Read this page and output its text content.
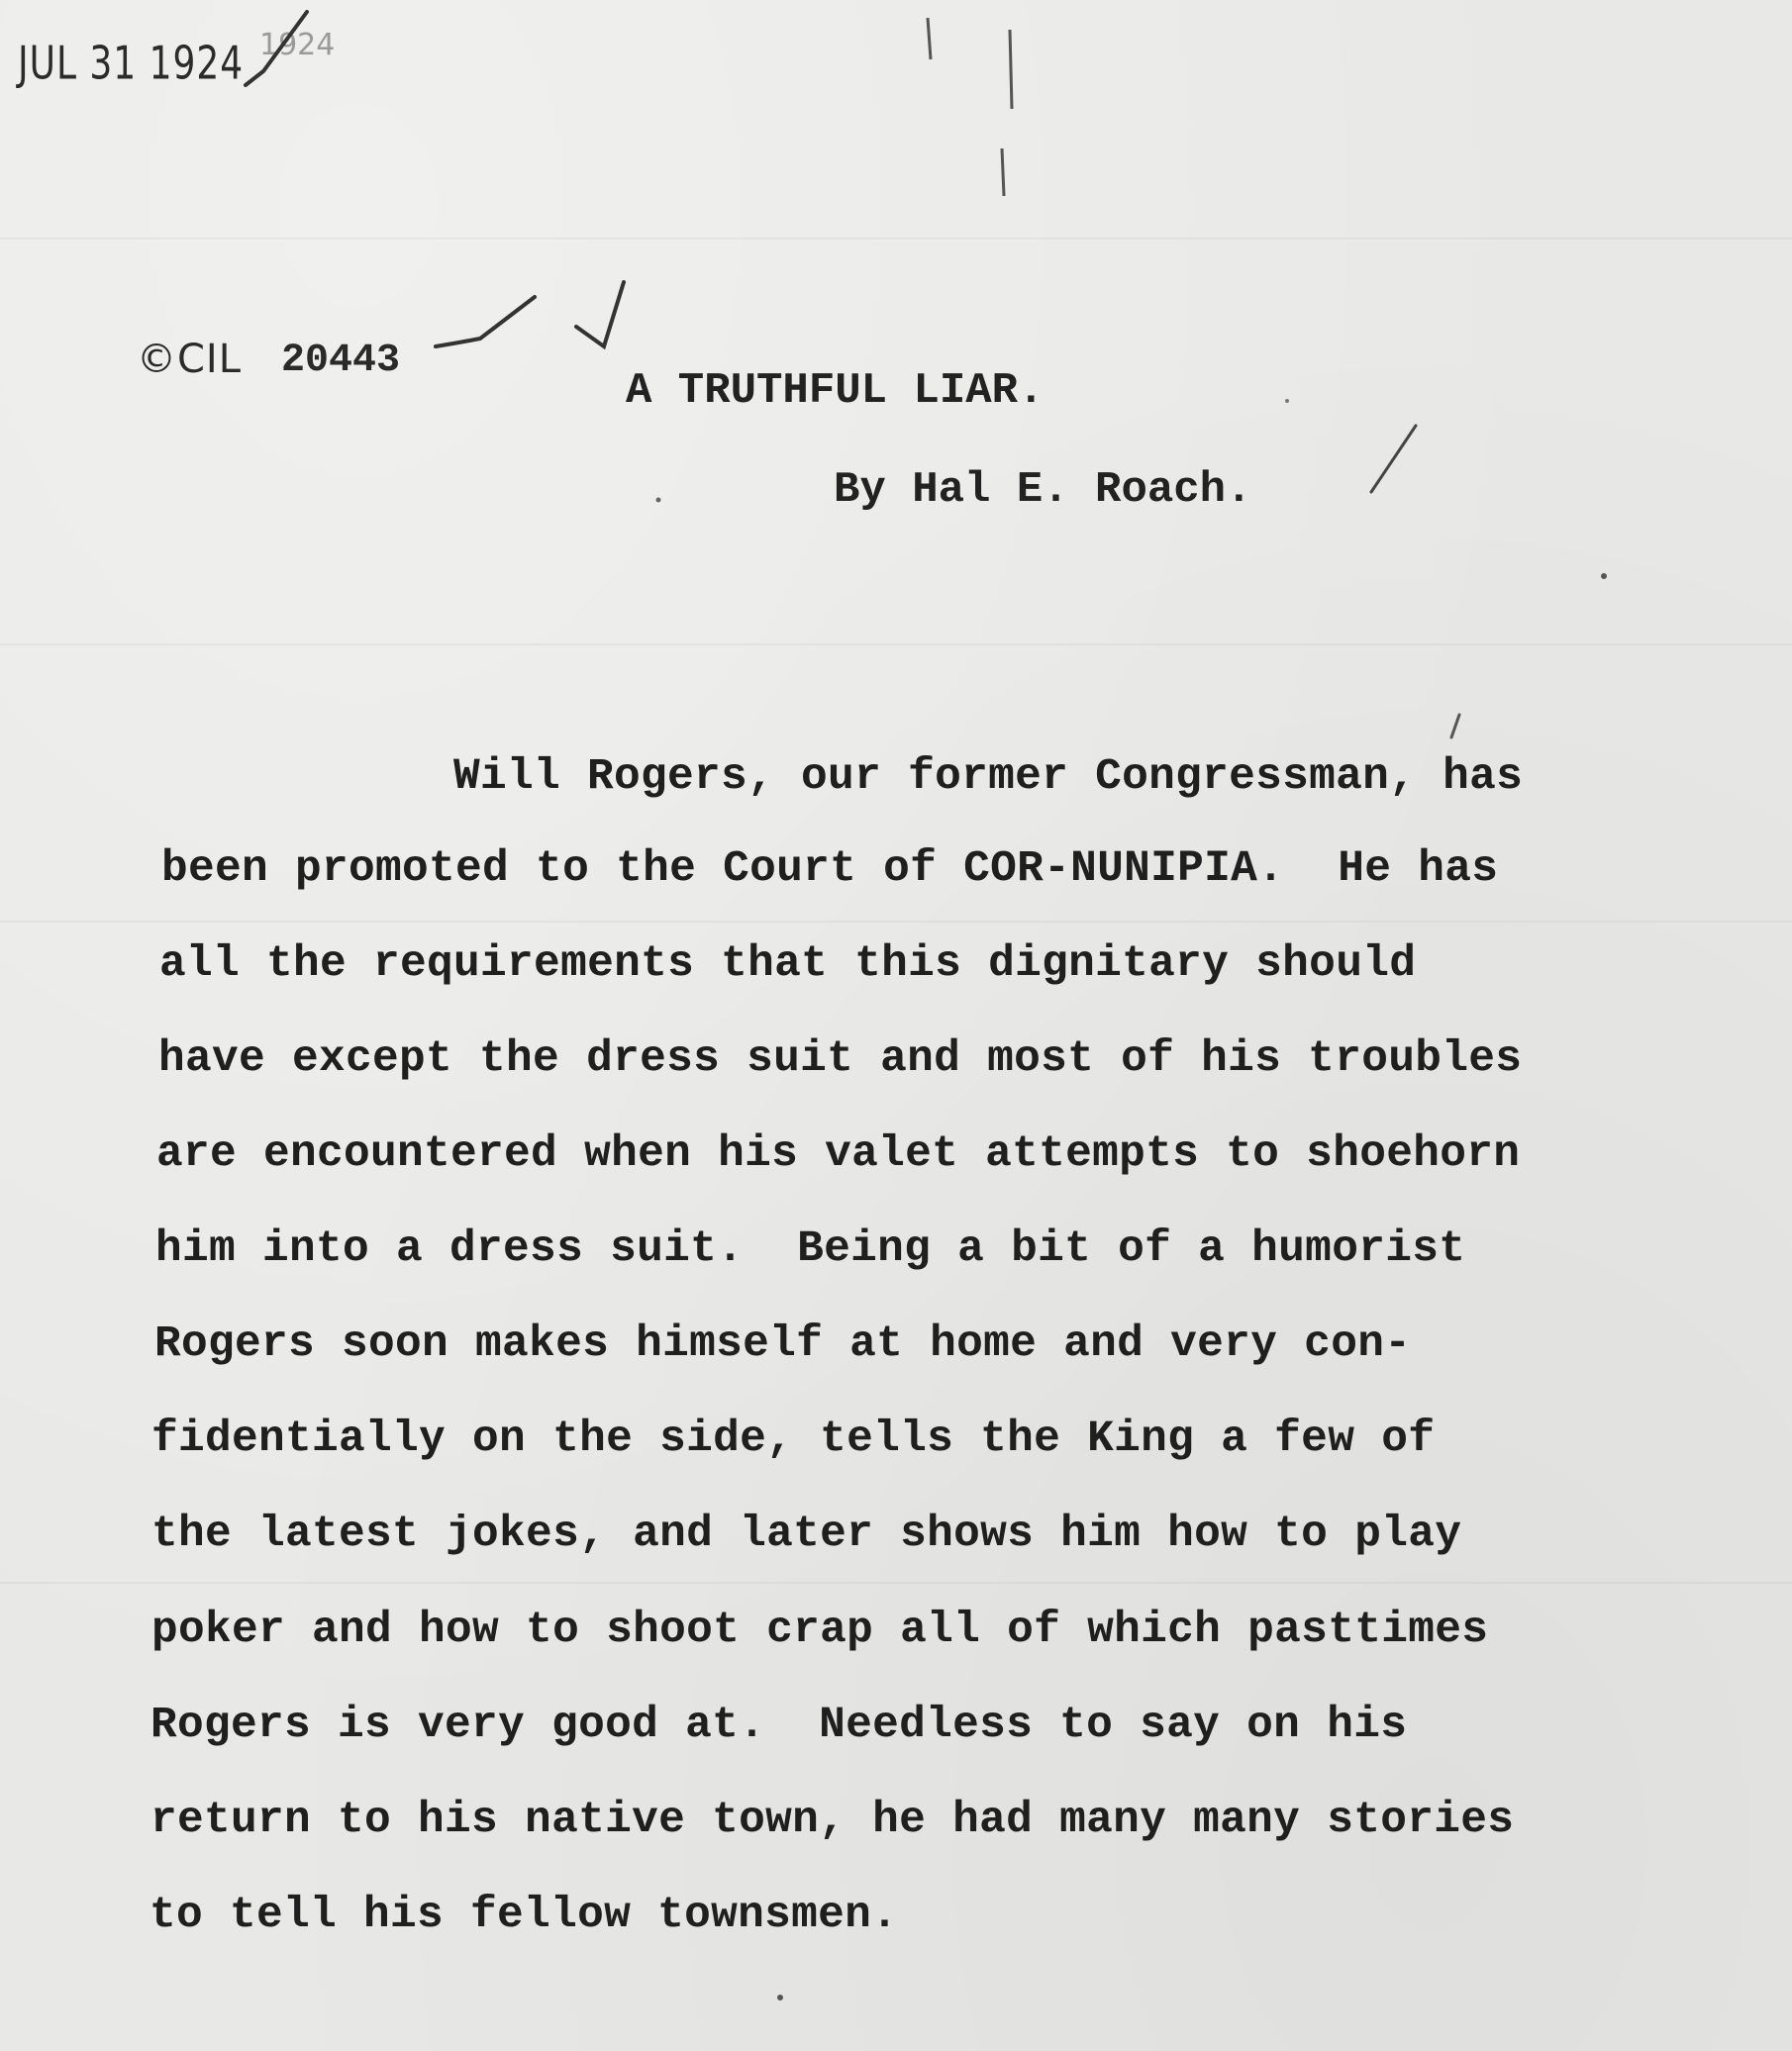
JUL 31 1924 1924
©CIL 20443
A TRUTHFUL LIAR.
By Hal E. Roach.
Will Rogers, our former Congressman, has
been promoted to the Court of COR-NUNIPIA.  He has
all the requirements that this dignitary should
have except the dress suit and most of his troubles
are encountered when his valet attempts to shoehorn
him into a dress suit.  Being a bit of a humorist
Rogers soon makes himself at home and very con-
fidentially on the side, tells the King a few of
the latest jokes, and later shows him how to play
poker and how to shoot crap all of which pasttimes
Rogers is very good at.  Needless to say on his
return to his native town, he had many many stories
to tell his fellow townsmen.
